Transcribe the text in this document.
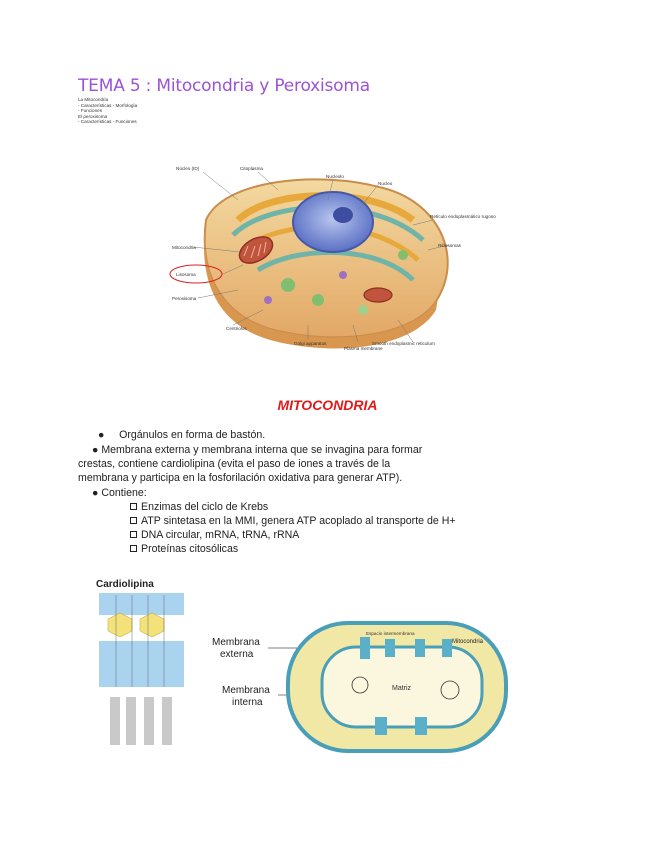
TEMA 5 : Mitocondria y Peroxisoma
La Mitocondria
- Características - Morfología
- Funciones
El peroxisoma
- Características - Funciones
Núcleo (ID)	Citoplasma
Nucleolo
Nucleo
Retículo endoplasmático rugoso
Ribosomas
Mitocondria
Lisosoma
Peroxisoma
Centriolos
Golgi apparatus
Plasma membrane
Smooth endoplasmic reticulum
MITOCONDRIA
●     Orgánulos en forma de bastón.
● Membrana externa y membrana interna que se invagina para formar
crestas, contiene cardiolipina (evita el paso de iones a través de la
membrana y participa en la fosforilación oxidativa para generar ATP).
● Contiene:
Enzimas del ciclo de Krebs
ATP sintetasa en la MMI, genera ATP acoplado al transporte de H+
DNA circular, mRNA, tRNA, rRNA
Proteínas citosólicas
Cardiolipina
Membrana
externa
Membrana
interna
Espacio intermembrana
Mitocondria
Matriz
